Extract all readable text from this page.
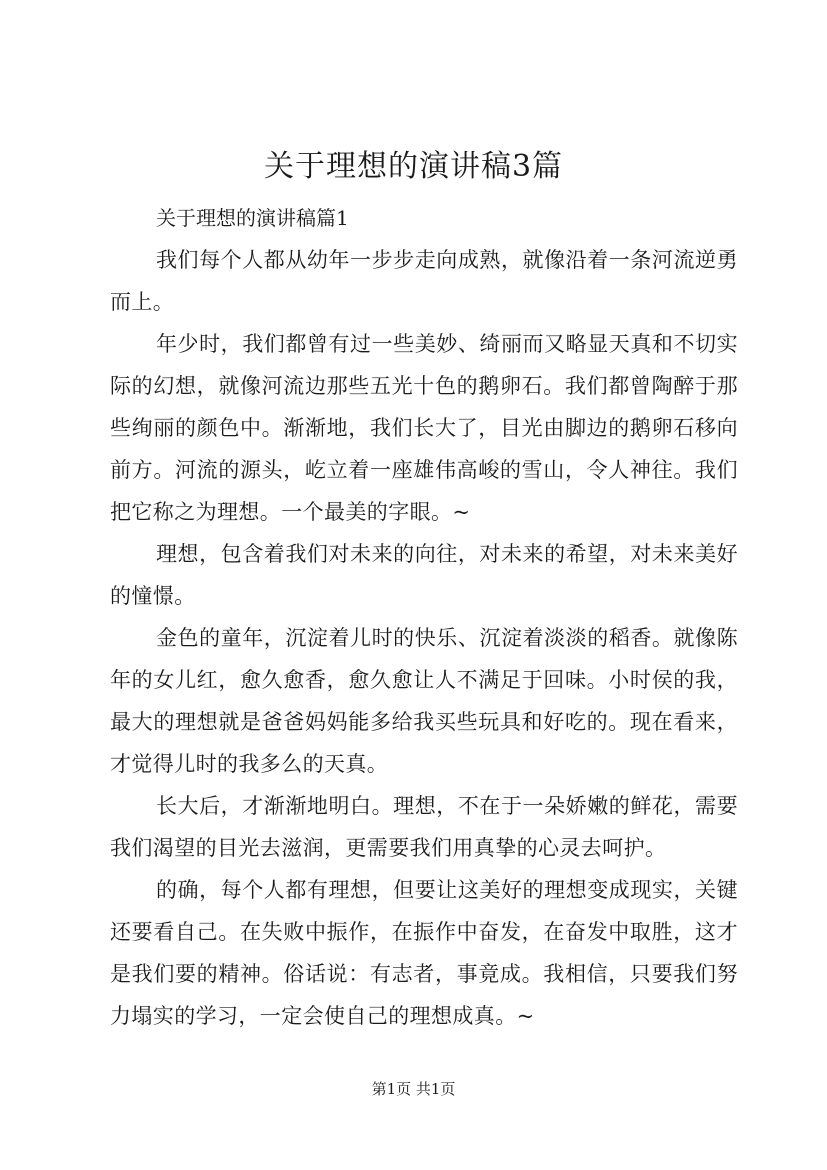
关于理想的演讲稿3篇

关于理想的演讲稿篇1

我们每个人都从幼年一步步走向成熟，就像沿着一条河流逆勇而上。

年少时，我们都曾有过一些美妙、绮丽而又略显天真和不切实际的幻想，就像河流边那些五光十色的鹅卵石。我们都曾陶醉于那些绚丽的颜色中。渐渐地，我们长大了，目光由脚边的鹅卵石移向前方。河流的源头，屹立着一座雄伟高峻的雪山，令人神往。我们把它称之为理想。一个最美的字眼。~

理想，包含着我们对未来的向往，对未来的希望，对未来美好的憧憬。

金色的童年，沉淀着儿时的快乐、沉淀着淡淡的稻香。就像陈年的女儿红，愈久愈香，愈久愈让人不满足于回味。小时侯的我，最大的理想就是爸爸妈妈能多给我买些玩具和好吃的。现在看来，才觉得儿时的我多么的天真。

长大后，才渐渐地明白。理想，不在于一朵娇嫩的鲜花，需要我们渴望的目光去滋润，更需要我们用真挚的心灵去呵护。

的确，每个人都有理想，但要让这美好的理想变成现实，关键还要看自己。在失败中振作，在振作中奋发，在奋发中取胜，这才是我们要的精神。俗话说：有志者，事竟成。我相信，只要我们努力塌实的学习，一定会使自己的理想成真。~

第1页 共1页
